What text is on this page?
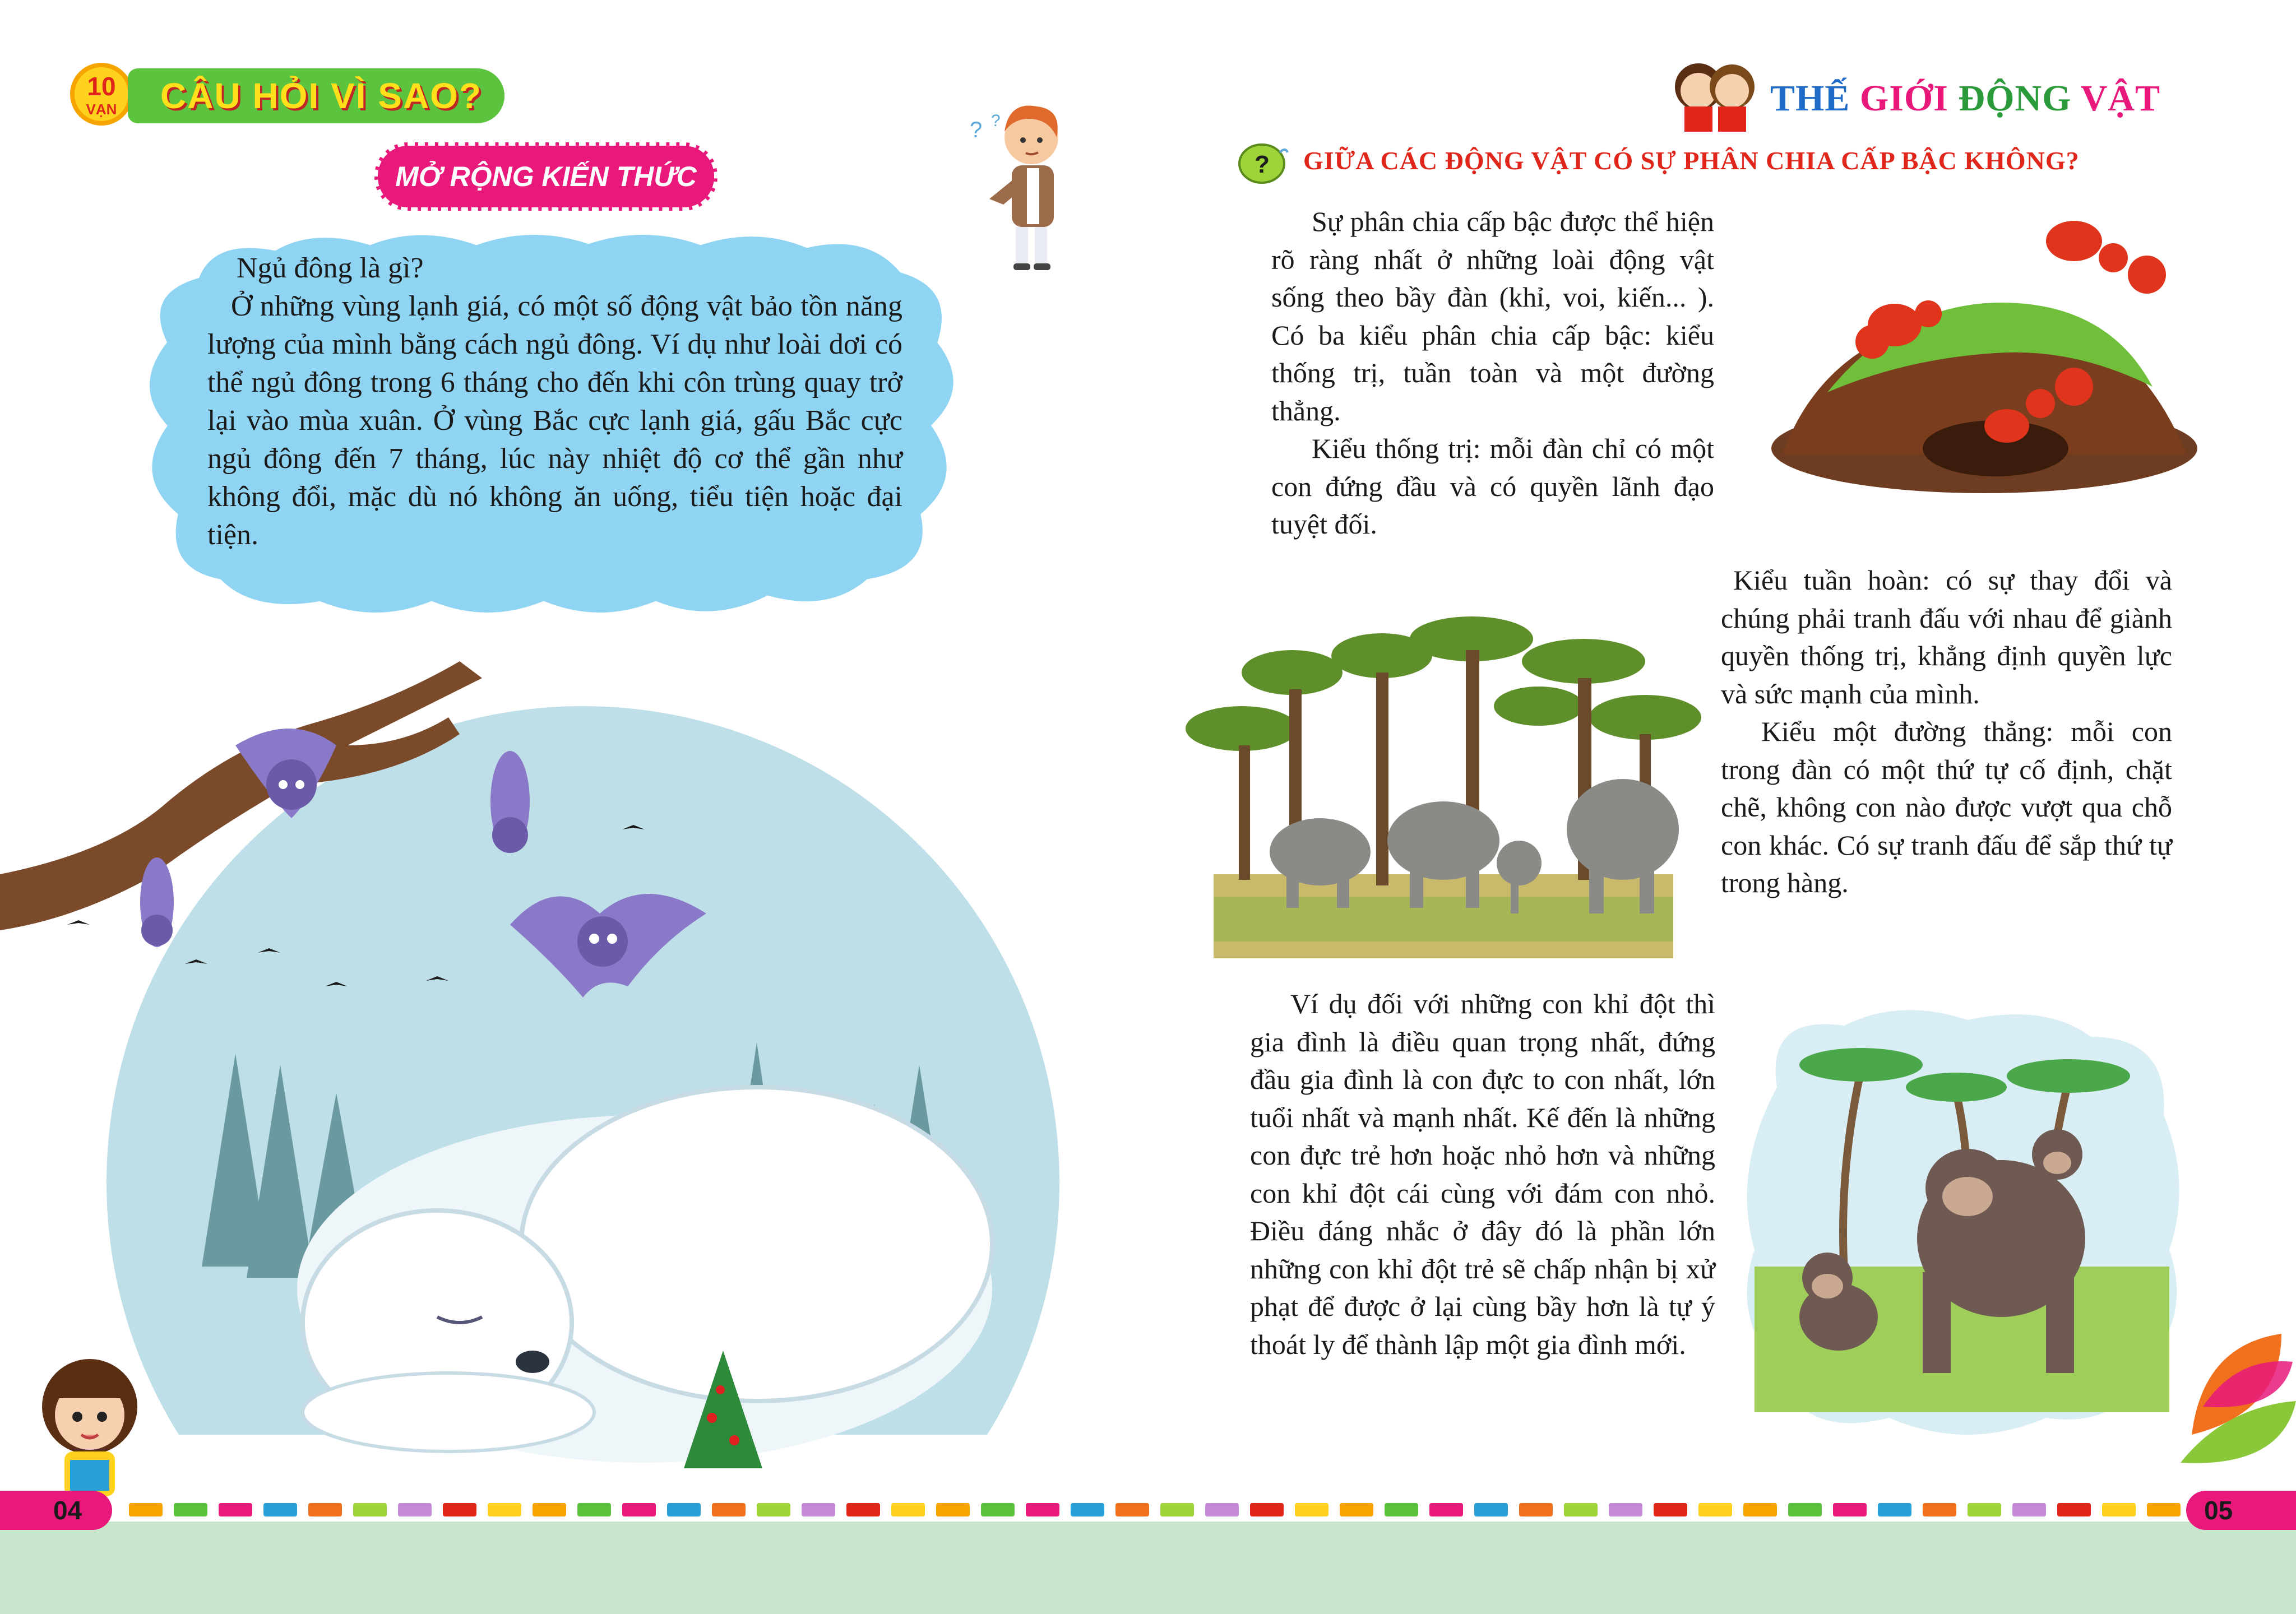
10
VẠN	CÂU HỎI VÌ SAO?
MỞ RỘNG KIẾN THỨC
? ?

Ngủ đông là gì?

Ở những vùng lạnh giá, có một số động vật bảo tồn năng lượng của mình bằng cách ngủ đông. Ví dụ như loài dơi có thể ngủ đông trong 6 tháng cho đến khi côn trùng quay trở lại vào mùa xuân. Ở vùng Bắc cực lạnh giá, gấu Bắc cực ngủ đông đến 7 tháng, lúc này nhiệt độ cơ thể gần như không đổi, mặc dù nó không ăn uống, tiểu tiện hoặc đại tiện.

THẾ GIỚI ĐỘNG VẬT
? GIỮA CÁC ĐỘNG VẬT CÓ SỰ PHÂN CHIA CẤP BẬC KHÔNG?

Sự phân chia cấp bậc được thể hiện rõ ràng nhất ở những loài động vật sống theo bầy đàn (khỉ, voi, kiến... ). Có ba kiểu phân chia cấp bậc: kiểu thống trị, tuần toàn và một đường thẳng.

Kiểu thống trị: mỗi đàn chỉ có một con đứng đầu và có quyền lãnh đạo tuyệt đối.

Kiểu tuần hoàn: có sự thay đổi và chúng phải tranh đấu với nhau để giành quyền thống trị, khẳng định quyền lực và sức mạnh của mình.

Kiểu một đường thẳng: mỗi con trong đàn có một thứ tự cố định, chặt chẽ, không con nào được vượt qua chỗ con khác. Có sự tranh đấu để sắp thứ tự trong hàng.

Ví dụ đối với những con khỉ đột thì gia đình là điều quan trọng nhất, đứng đầu gia đình là con đực to con nhất, lớn tuổi nhất và mạnh nhất. Kế đến là những con đực trẻ hơn hoặc nhỏ hơn và những con khỉ đột cái cùng với đám con nhỏ. Điều đáng nhắc ở đây đó là phần lớn những con khỉ đột trẻ sẽ chấp nhận bị xử phạt để được ở lại cùng bầy hơn là tự ý thoát ly để thành lập một gia đình mới.

04	05
